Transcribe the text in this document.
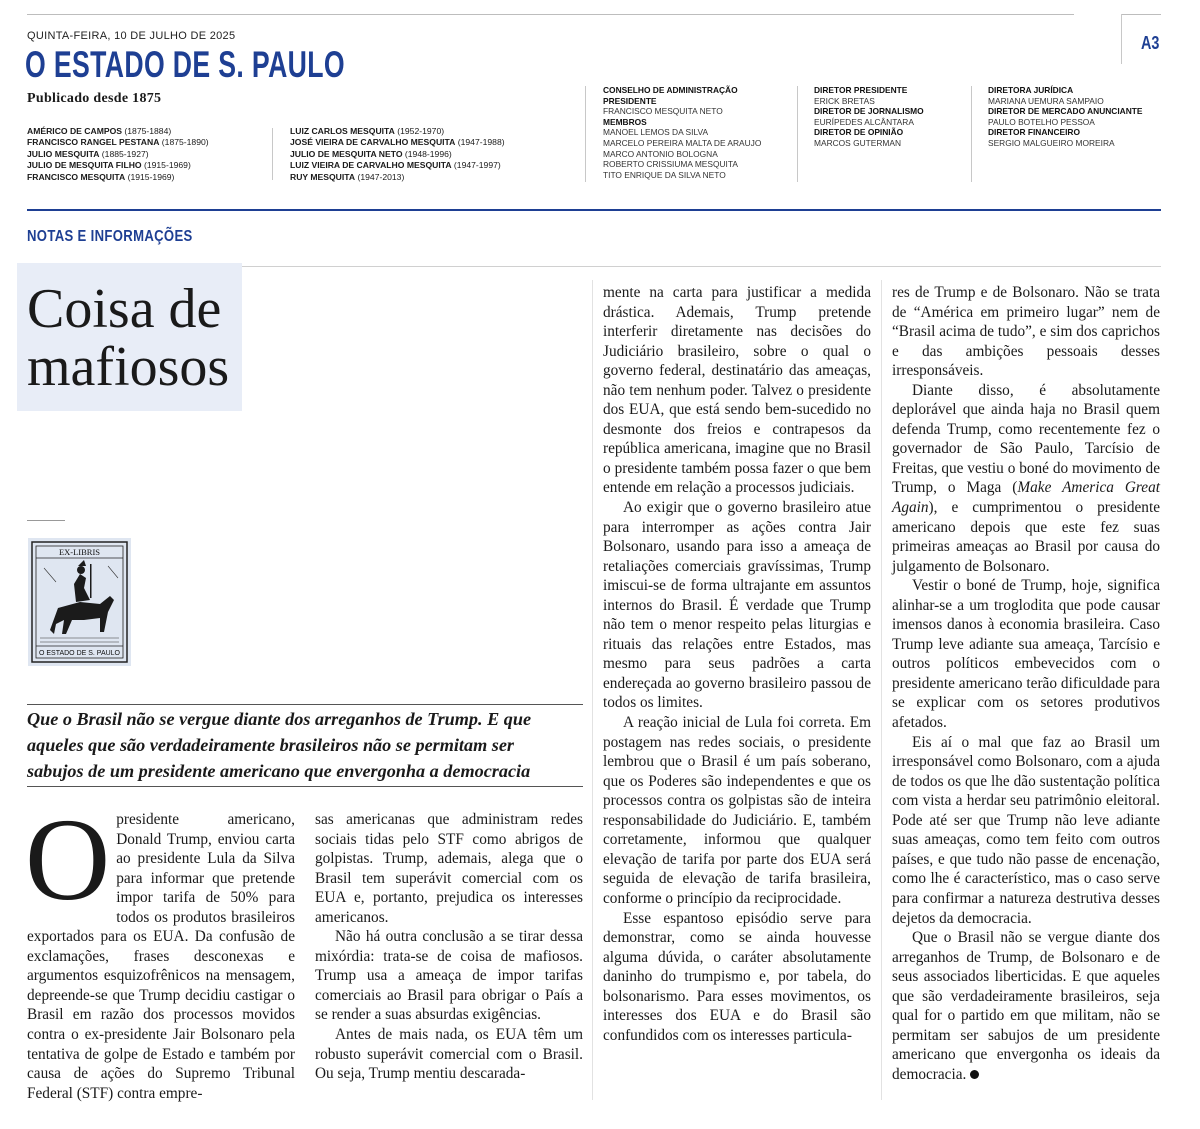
QUINTA-FEIRA, 10 DE JULHO DE 2025
O ESTADO DE S. PAULO
Publicado desde 1875
A3
AMÉRICO DE CAMPOS (1875-1884)
FRANCISCO RANGEL PESTANA (1875-1890)
JULIO MESQUITA (1885-1927)
JULIO DE MESQUITA FILHO (1915-1969)
FRANCISCO MESQUITA (1915-1969)
LUIZ CARLOS MESQUITA (1952-1970)
JOSÉ VIEIRA DE CARVALHO MESQUITA (1947-1988)
JULIO DE MESQUITA NETO (1948-1996)
LUIZ VIEIRA DE CARVALHO MESQUITA (1947-1997)
RUY MESQUITA (1947-2013)
CONSELHO DE ADMINISTRAÇÃO
PRESIDENTE
FRANCISCO MESQUITA NETO
MEMBROS
MANOEL LEMOS DA SILVA
MARCELO PEREIRA MALTA DE ARAUJO
MARCO ANTONIO BOLOGNA
ROBERTO CRISSIUMA MESQUITA
TITO ENRIQUE DA SILVA NETO
DIRETOR PRESIDENTE
ERICK BRETAS
DIRETOR DE JORNALISMO
EURÍPEDES ALCÂNTARA
DIRETOR DE OPINIÃO
MARCOS GUTERMAN
DIRETORA JURÍDICA
MARIANA UEMURA SAMPAIO
DIRETOR DE MERCADO ANUNCIANTE
PAULO BOTELHO PESSOA
DIRETOR FINANCEIRO
SERGIO MALGUEIRO MOREIRA
NOTAS E INFORMAÇÕES
Coisa de
mafiosos
EX-LIBRIS
O ESTADO DE S. PAULO
Que o Brasil não se vergue diante dos arreganhos de Trump. E que
aqueles que são verdadeiramente brasileiros não se permitam ser
sabujos de um presidente americano que envergonha a democracia

Opresidente americano, Donald Trump, enviou carta ao presidente Lula da Silva para informar que pretende impor tarifa de 50% para todos os produtos brasileiros exportados para os EUA. Da confusão de exclamações, frases desconexas e argumentos esquizofrênicos na mensagem, depreende-se que Trump decidiu castigar o Brasil em razão dos processos movidos contra o ex-presidente Jair Bolsonaro pela tentativa de golpe de Estado e também por causa de ações do Supremo Tribunal Federal (STF) contra empre-

sas americanas que administram redes sociais tidas pelo STF como abrigos de golpistas. Trump, ademais, alega que o Brasil tem superávit comercial com os EUA e, portanto, prejudica os interesses americanos.

Não há outra conclusão a se tirar dessa mixórdia: trata-se de coisa de mafiosos. Trump usa a ameaça de impor tarifas comerciais ao Brasil para obrigar o País a se render a suas absurdas exigências.

Antes de mais nada, os EUA têm um robusto superávit comercial com o Brasil. Ou seja, Trump mentiu descarada-

mente na carta para justificar a medida drástica. Ademais, Trump pretende interferir diretamente nas decisões do Judiciário brasileiro, sobre o qual o governo federal, destinatário das ameaças, não tem nenhum poder. Talvez o presidente dos EUA, que está sendo bem-sucedido no desmonte dos freios e contrapesos da república americana, imagine que no Brasil o presidente também possa fazer o que bem entende em relação a processos judiciais.

Ao exigir que o governo brasileiro atue para interromper as ações contra Jair Bolsonaro, usando para isso a ameaça de retaliações comerciais gravíssimas, Trump imiscui-se de forma ultrajante em assuntos internos do Brasil. É verdade que Trump não tem o menor respeito pelas liturgias e rituais das relações entre Estados, mas mesmo para seus padrões a carta endereçada ao governo brasileiro passou de todos os limites.

A reação inicial de Lula foi correta. Em postagem nas redes sociais, o presidente lembrou que o Brasil é um país soberano, que os Poderes são independentes e que os processos contra os golpistas são de inteira responsabilidade do Judiciário. E, também corretamente, informou que qualquer elevação de tarifa por parte dos EUA será seguida de elevação de tarifa brasileira, conforme o princípio da reciprocidade.

Esse espantoso episódio serve para demonstrar, como se ainda houvesse alguma dúvida, o caráter absolutamente daninho do trumpismo e, por tabela, do bolsonarismo. Para esses movimentos, os interesses dos EUA e do Brasil são confundidos com os interesses particula-

res de Trump e de Bolsonaro. Não se trata de “América em primeiro lugar” nem de “Brasil acima de tudo”, e sim dos caprichos e das ambições pessoais desses irresponsáveis.

Diante disso, é absolutamente deplorável que ainda haja no Brasil quem defenda Trump, como recentemente fez o governador de São Paulo, Tarcísio de Freitas, que vestiu o boné do movimento de Trump, o Maga (Make America Great Again), e cumprimentou o presidente americano depois que este fez suas primeiras ameaças ao Brasil por causa do julgamento de Bolsonaro.

Vestir o boné de Trump, hoje, significa alinhar-se a um troglodita que pode causar imensos danos à economia brasileira. Caso Trump leve adiante sua ameaça, Tarcísio e outros políticos embevecidos com o presidente americano terão dificuldade para se explicar com os setores produtivos afetados.

Eis aí o mal que faz ao Brasil um irresponsável como Bolsonaro, com a ajuda de todos os que lhe dão sustentação política com vista a herdar seu patrimônio eleitoral. Pode até ser que Trump não leve adiante suas ameaças, como tem feito com outros países, e que tudo não passe de encenação, como lhe é característico, mas o caso serve para confirmar a natureza destrutiva desses dejetos da democracia.

Que o Brasil não se vergue diante dos arreganhos de Trump, de Bolsonaro e de seus associados liberticidas. E que aqueles que são verdadeiramente brasileiros, seja qual for o partido em que militam, não se permitam ser sabujos de um presidente americano que envergonha os ideais da democracia.
